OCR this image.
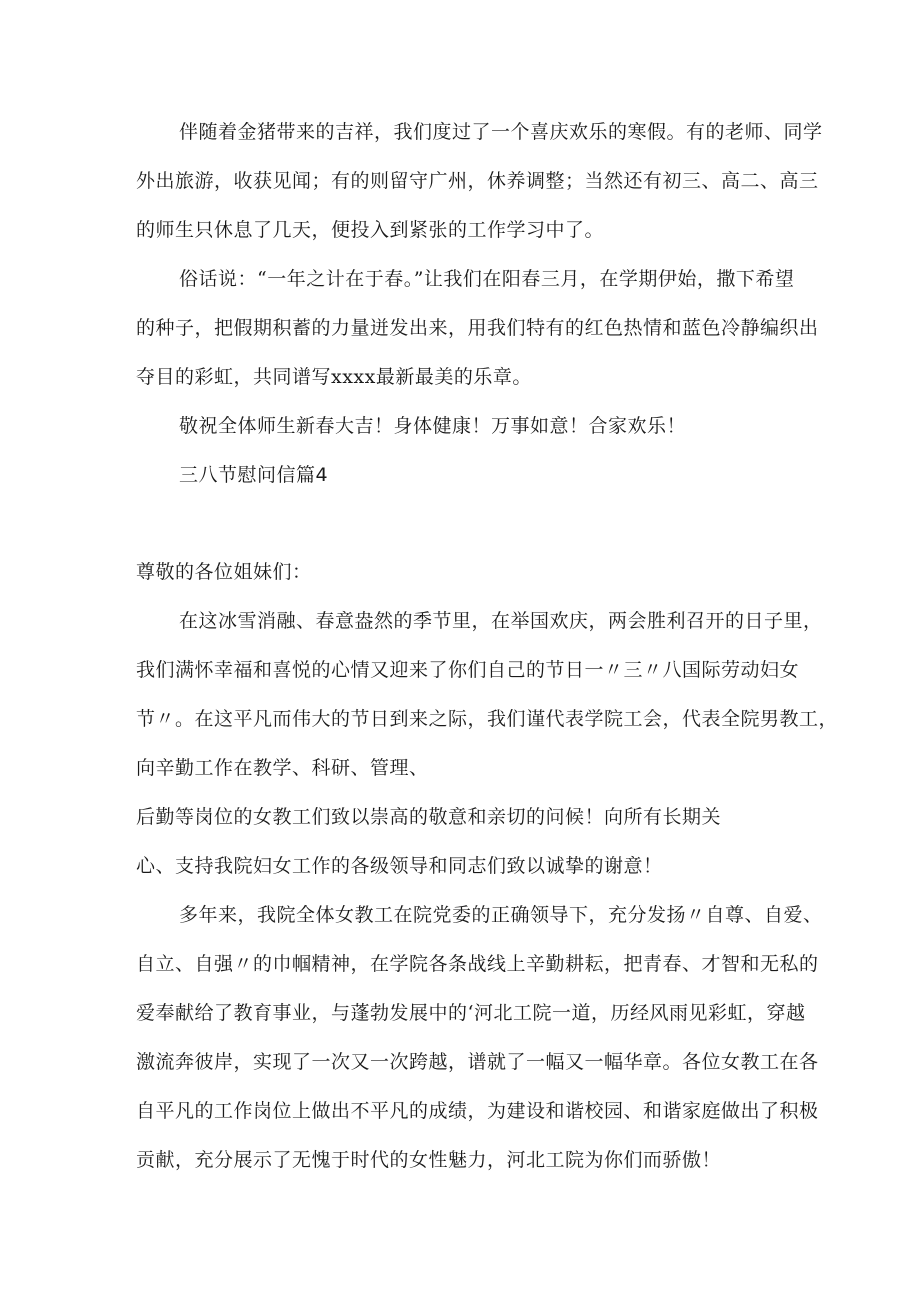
伴随着金猪带来的吉祥，我们度过了一个喜庆欢乐的寒假。有的老师、同学
外出旅游，收获见闻；有的则留守广州，休养调整；当然还有初三、高二、高三
的师生只休息了几天，便投入到紧张的工作学习中了。
俗话说：“一年之计在于春。”让我们在阳春三月，在学期伊始，撒下希望
的种子，把假期积蓄的力量迸发出来，用我们特有的红色热情和蓝色冷静编织出
夺目的彩虹，共同谱写xxxx最新最美的乐章。
敬祝全体师生新春大吉！身体健康！万事如意！合家欢乐！
三八节慰问信篇4
尊敬的各位姐妹们：
在这冰雪消融、春意盎然的季节里，在举国欢庆，两会胜利召开的日子里，
我们满怀幸福和喜悦的心情又迎来了你们自己的节日一〃三〃八国际劳动妇女
节〃。在这平凡而伟大的节日到来之际，我们谨代表学院工会，代表全院男教工，
向辛勤工作在教学、科研、管理、
后勤等岗位的女教工们致以崇高的敬意和亲切的问候！向所有长期关
心、支持我院妇女工作的各级领导和同志们致以诚挚的谢意！
多年来，我院全体女教工在院党委的正确领导下，充分发扬〃自尊、自爱、
自立、自强〃的巾帼精神，在学院各条战线上辛勤耕耘，把青春、才智和无私的
爱奉献给了教育事业，与蓬勃发展中的‘河北工院一道，历经风雨见彩虹，穿越
激流奔彼岸，实现了一次又一次跨越，谱就了一幅又一幅华章。各位女教工在各
自平凡的工作岗位上做出不平凡的成绩，为建设和谐校园、和谐家庭做出了积极
贡献，充分展示了无愧于时代的女性魅力，河北工院为你们而骄傲！
